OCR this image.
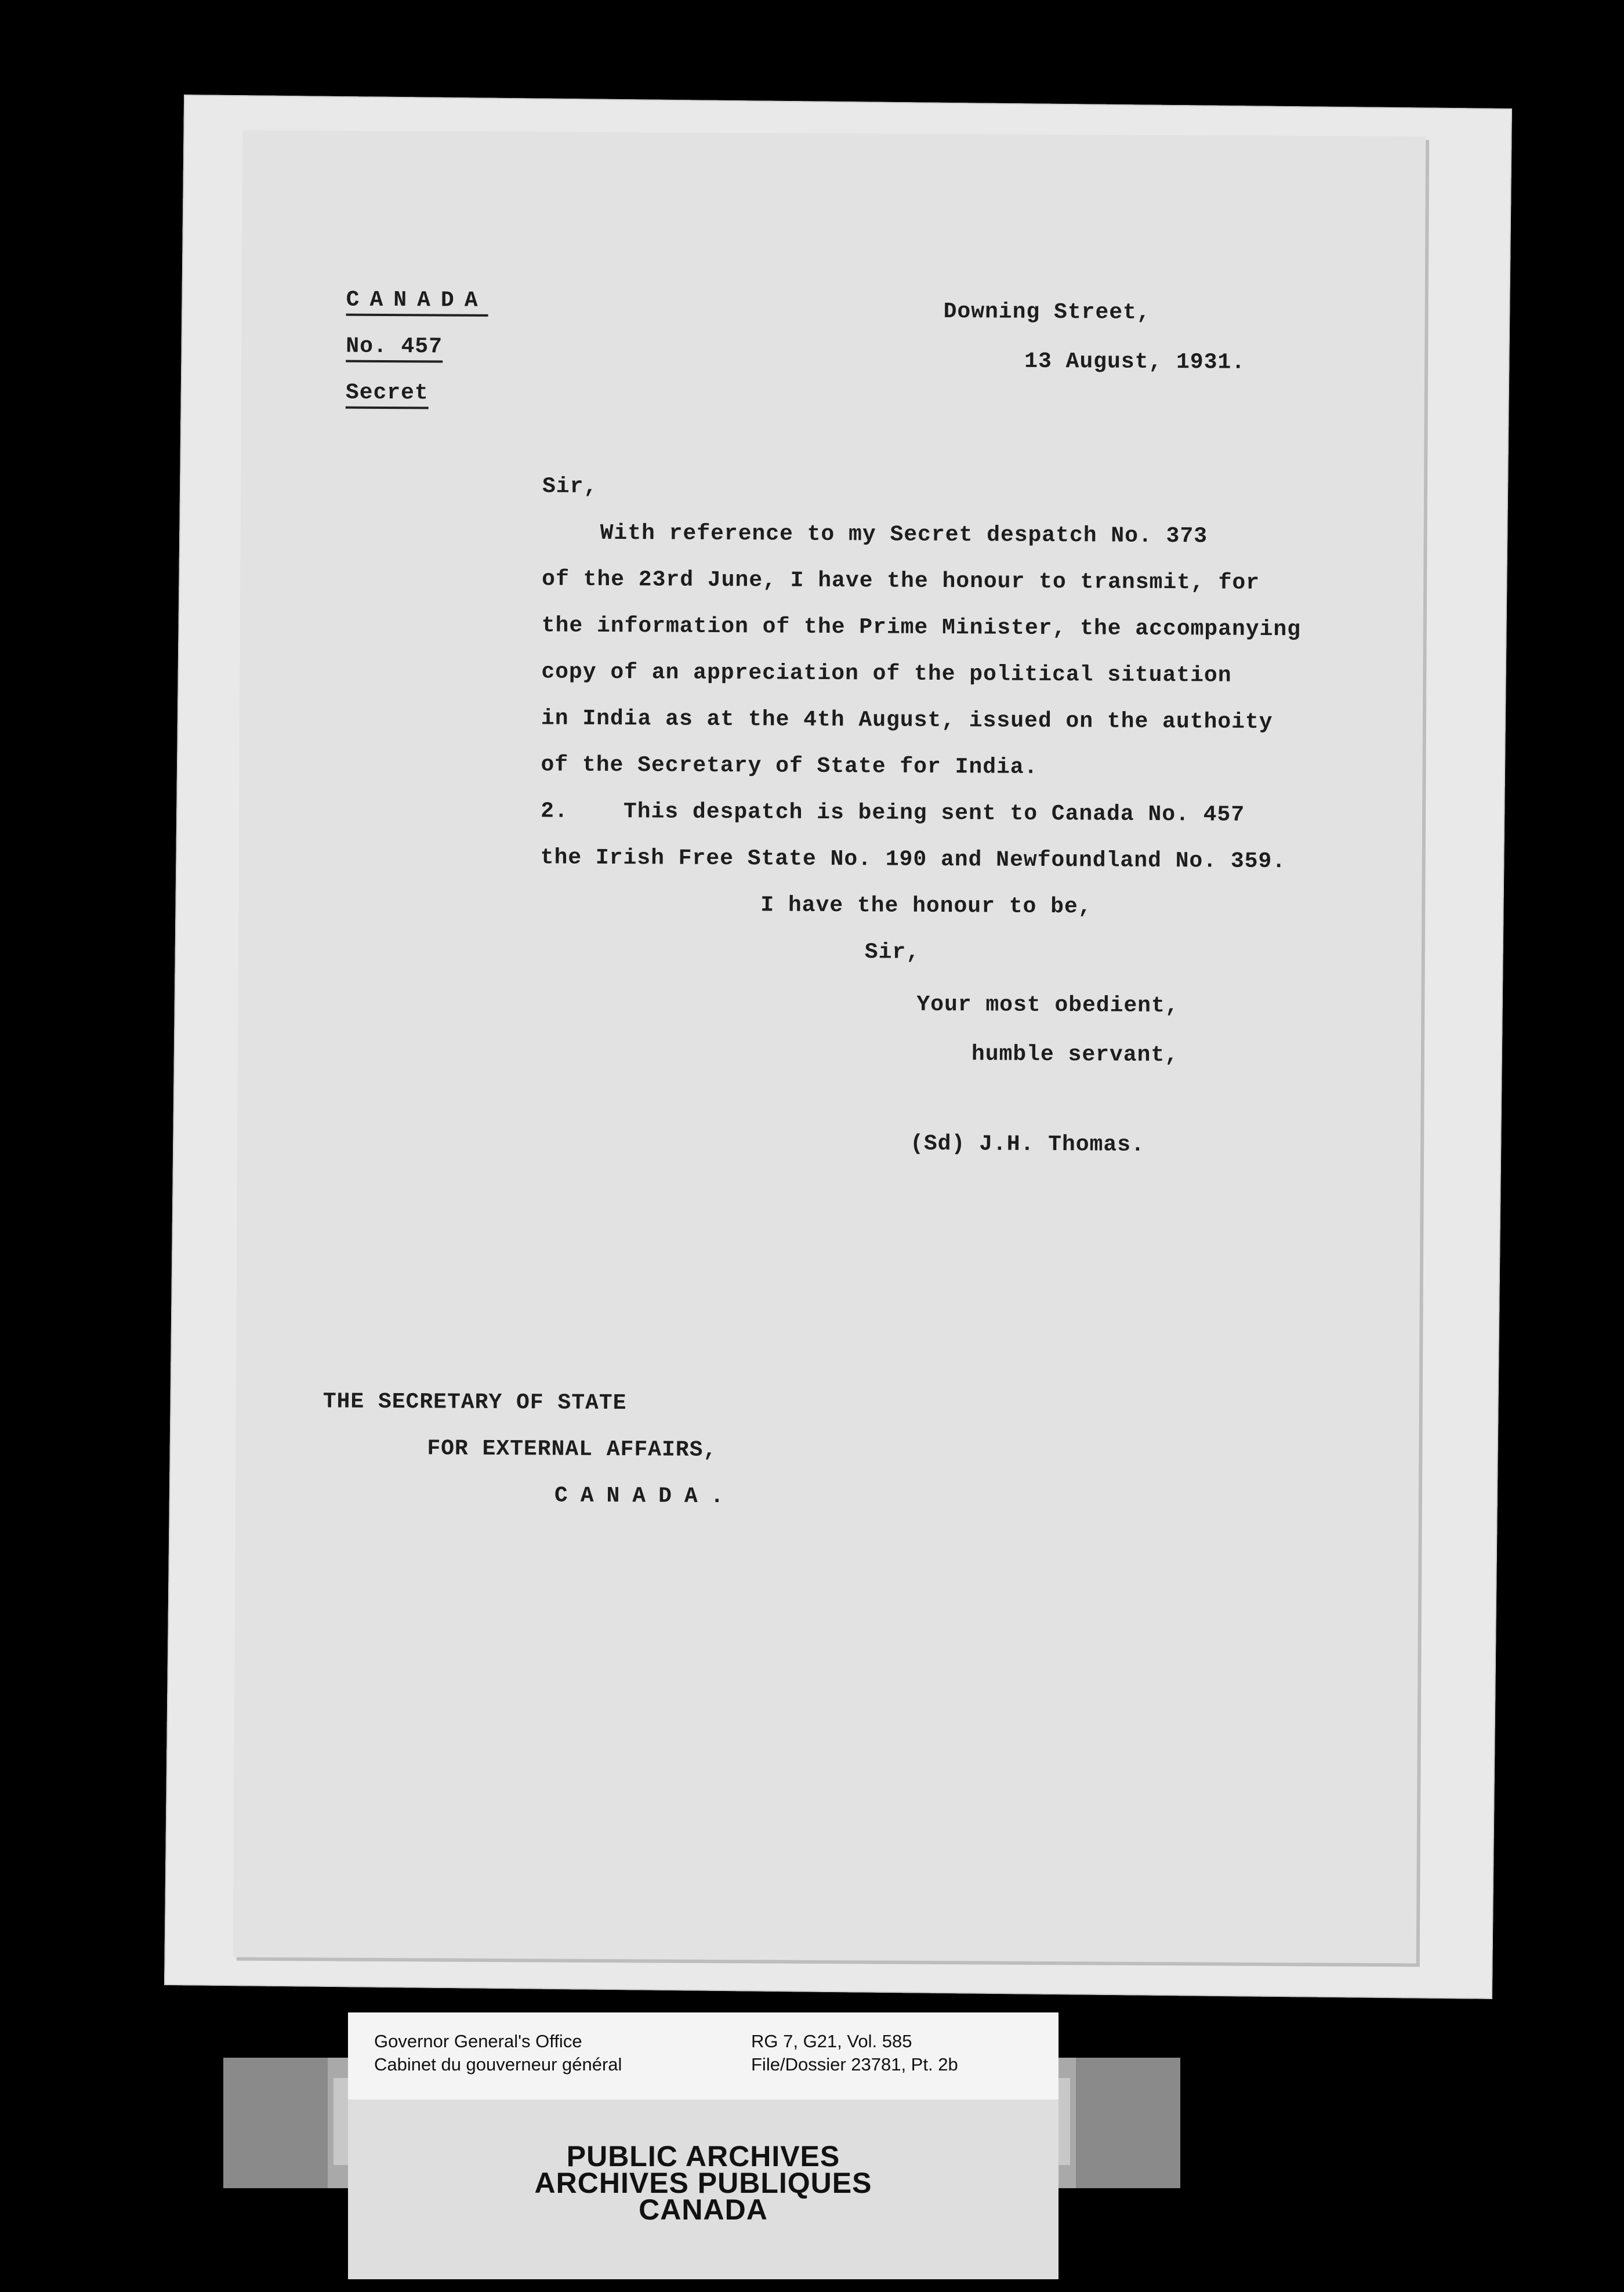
CANADA
No. 457
Secret
Downing Street,
13 August, 1931.
Sir,
With reference to my Secret despatch No. 373
of the 23rd June, I have the honour to transmit, for
the information of the Prime Minister, the accompanying
copy of an appreciation of the political situation
in India as at the 4th August, issued on the authoity
of the Secretary of State for India.
2.    This despatch is being sent to Canada No. 457
the Irish Free State No. 190 and Newfoundland No. 359.
I have the honour to be,
Sir,
Your most obedient,
humble servant,
(Sd) J.H. Thomas.
THE SECRETARY OF STATE
FOR EXTERNAL AFFAIRS,
CANADA.
Governor General's Office
Cabinet du gouverneur général
RG 7, G21, Vol. 585
File/Dossier 23781, Pt. 2b
PUBLIC ARCHIVES
ARCHIVES PUBLIQUES
CANADA
